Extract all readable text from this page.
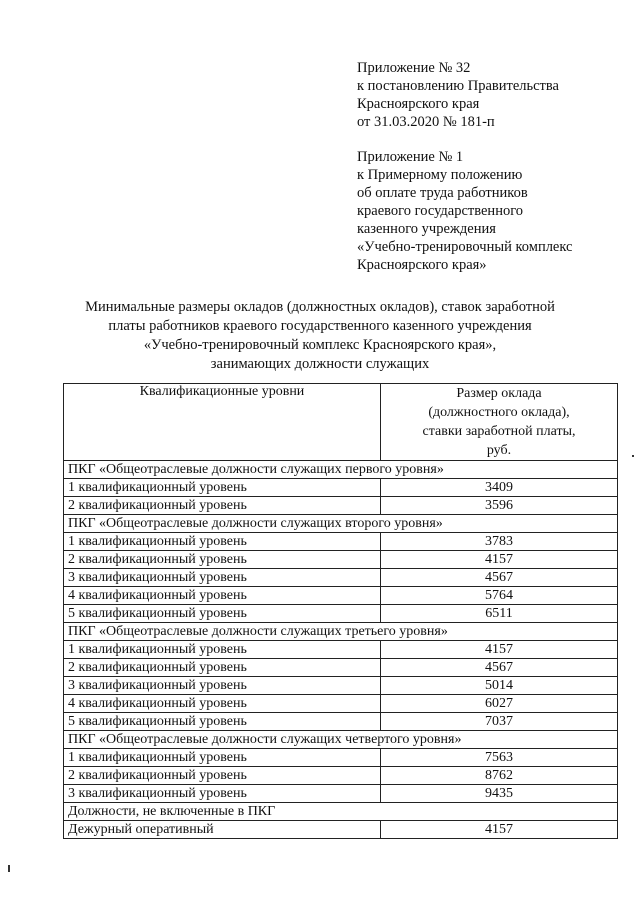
Приложение № 32
к постановлению Правительства
Красноярского края
от 31.03.2020 № 181-п
Приложение № 1
к Примерному положению
об оплате труда работников
краевого государственного
казенного учреждения
«Учебно-тренировочный комплекс
Красноярского края»
Минимальные размеры окладов (должностных окладов), ставок заработной
платы работников краевого государственного казенного учреждения
«Учебно-тренировочный комплекс Красноярского края»,
занимающих должности служащих
Квалификационные уровни	Размер оклада
(должностного оклада),
ставки заработной платы,
руб.

ПКГ «Общеотраслевые должности служащих первого уровня»	
1 квалификационный уровень	3409
2 квалификационный уровень	3596
ПКГ «Общеотраслевые должности служащих второго уровня»	
1 квалификационный уровень	3783
2 квалификационный уровень	4157
3 квалификационный уровень	4567
4 квалификационный уровень	5764
5 квалификационный уровень	6511
ПКГ «Общеотраслевые должности служащих третьего уровня»	
1 квалификационный уровень	4157
2 квалификационный уровень	4567
3 квалификационный уровень	5014
4 квалификационный уровень	6027
5 квалификационный уровень	7037
ПКГ «Общеотраслевые должности служащих четвертого уровня»	
1 квалификационный уровень	7563
2 квалификационный уровень	8762
3 квалификационный уровень	9435
Должности, не включенные в ПКГ	
Дежурный оперативный	4157
